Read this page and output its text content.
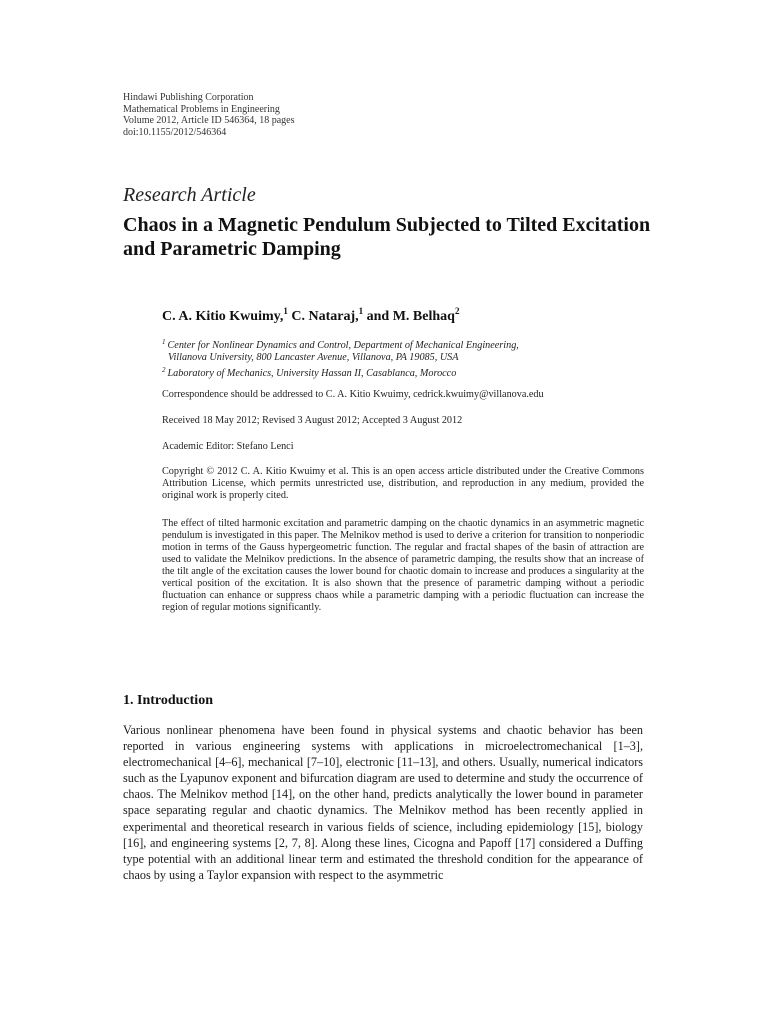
Hindawi Publishing Corporation
Mathematical Problems in Engineering
Volume 2012, Article ID 546364, 18 pages
doi:10.1155/2012/546364
Research Article
Chaos in a Magnetic Pendulum Subjected to Tilted Excitation and Parametric Damping
C. A. Kitio Kwuimy,$^1$ C. Nataraj,$^1$ and M. Belhaq$^2$
$^1$ Center for Nonlinear Dynamics and Control, Department of Mechanical Engineering,
Villanova University, 800 Lancaster Avenue, Villanova, PA 19085, USA
$^2$ Laboratory of Mechanics, University Hassan II, Casablanca, Morocco
Correspondence should be addressed to C. A. Kitio Kwuimy, cedrick.kwuimy@villanova.edu
Received 18 May 2012; Revised 3 August 2012; Accepted 3 August 2012
Academic Editor: Stefano Lenci
Copyright © 2012 C. A. Kitio Kwuimy et al. This is an open access article distributed under the Creative Commons Attribution License, which permits unrestricted use, distribution, and reproduction in any medium, provided the original work is properly cited.
The effect of tilted harmonic excitation and parametric damping on the chaotic dynamics in an asymmetric magnetic pendulum is investigated in this paper. The Melnikov method is used to derive a criterion for transition to nonperiodic motion in terms of the Gauss hypergeometric function. The regular and fractal shapes of the basin of attraction are used to validate the Melnikov predictions. In the absence of parametric damping, the results show that an increase of the tilt angle of the excitation causes the lower bound for chaotic domain to increase and produces a singularity at the vertical position of the excitation. It is also shown that the presence of parametric damping without a periodic fluctuation can enhance or suppress chaos while a parametric damping with a periodic fluctuation can increase the region of regular motions significantly.
1. Introduction
Various nonlinear phenomena have been found in physical systems and chaotic behavior has been reported in various engineering systems with applications in microelectromechanical [1–3], electromechanical [4–6], mechanical [7–10], electronic [11–13], and others. Usually, numerical indicators such as the Lyapunov exponent and bifurcation diagram are used to determine and study the occurrence of chaos. The Melnikov method [14], on the other hand, predicts analytically the lower bound in parameter space separating regular and chaotic dynamics. The Melnikov method has been recently applied in experimental and theoretical research in various fields of science, including epidemiology [15], biology [16], and engineering systems [2, 7, 8]. Along these lines, Cicogna and Papoff [17] considered a Duffing type potential with an additional linear term and estimated the threshold condition for the appearance of chaos by using a Taylor expansion with respect to the asymmetric
